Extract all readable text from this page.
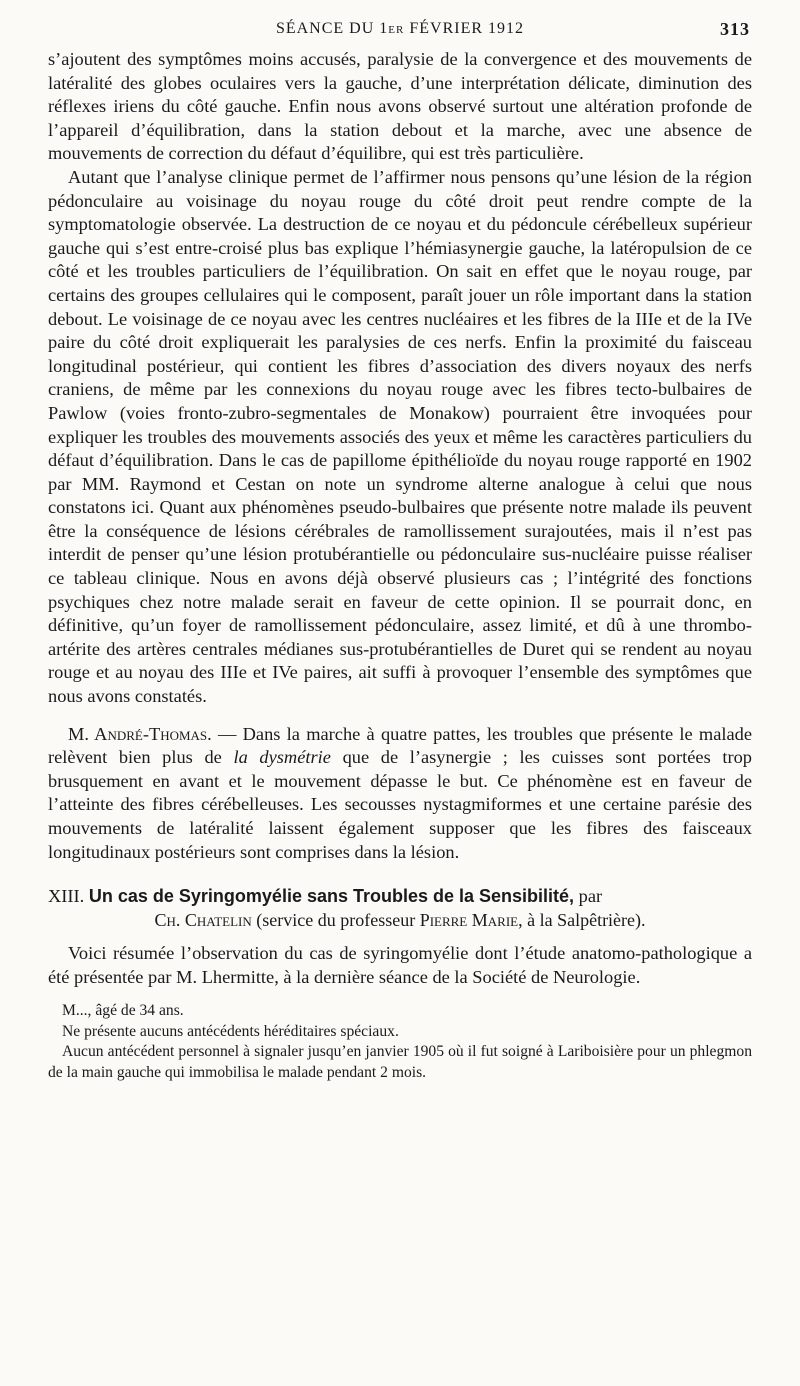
SÉANCE DU 1er FÉVRIER 1912	313

s’ajoutent des symptômes moins accusés, paralysie de la convergence et des mouvements de latéralité des globes oculaires vers la gauche, d’une interprétation délicate, diminution des réflexes iriens du côté gauche. Enfin nous avons observé surtout une altération profonde de l’appareil d’équilibration, dans la station debout et la marche, avec une absence de mouvements de correction du défaut d’équilibre, qui est très particulière.

Autant que l’analyse clinique permet de l’affirmer nous pensons qu’une lésion de la région pédonculaire au voisinage du noyau rouge du côté droit peut rendre compte de la symptomatologie observée. La destruction de ce noyau et du pédoncule cérébelleux supérieur gauche qui s’est entre-croisé plus bas explique l’hémiasynergie gauche, la latéropulsion de ce côté et les troubles particuliers de l’équilibration. On sait en effet que le noyau rouge, par certains des groupes cellulaires qui le composent, paraît jouer un rôle important dans la station debout. Le voisinage de ce noyau avec les centres nucléaires et les fibres de la IIIe et de la IVe paire du côté droit expliquerait les paralysies de ces nerfs. Enfin la proximité du faisceau longitudinal postérieur, qui contient les fibres d’association des divers noyaux des nerfs craniens, de même par les connexions du noyau rouge avec les fibres tecto-bulbaires de Pawlow (voies fronto-zubro-segmentales de Monakow) pourraient être invoquées pour expliquer les troubles des mouvements associés des yeux et même les caractères particuliers du défaut d’équilibration. Dans le cas de papillome épithélioïde du noyau rouge rapporté en 1902 par MM. Raymond et Cestan on note un syndrome alterne analogue à celui que nous constatons ici. Quant aux phénomènes pseudo-bulbaires que présente notre malade ils peuvent être la conséquence de lésions cérébrales de ramollissement surajoutées, mais il n’est pas interdit de penser qu’une lésion protubérantielle ou pédonculaire sus-nucléaire puisse réaliser ce tableau clinique. Nous en avons déjà observé plusieurs cas ; l’intégrité des fonctions psychiques chez notre malade serait en faveur de cette opinion. Il se pourrait donc, en définitive, qu’un foyer de ramollissement pédonculaire, assez limité, et dû à une thrombo-artérite des artères centrales médianes sus-protubérantielles de Duret qui se rendent au noyau rouge et au noyau des IIIe et IVe paires, ait suffi à provoquer l’ensemble des symptômes que nous avons constatés.

M. André-Thomas. — Dans la marche à quatre pattes, les troubles que présente le malade relèvent bien plus de la dysmétrie que de l’asynergie ; les cuisses sont portées trop brusquement en avant et le mouvement dépasse le but. Ce phénomène est en faveur de l’atteinte des fibres cérébelleuses. Les secousses nystagmiformes et une certaine parésie des mouvements de latéralité laissent également supposer que les fibres des faisceaux longitudinaux postérieurs sont comprises dans la lésion.

XIII. Un cas de Syringomyélie sans Troubles de la Sensibilité, par
Ch. Chatelin (service du professeur Pierre Marie, à la Salpêtrière).

Voici résumée l’observation du cas de syringomyélie dont l’étude anatomo-pathologique a été présentée par M. Lhermitte, à la dernière séance de la Société de Neurologie.

M..., âgé de 34 ans.

Ne présente aucuns antécédents héréditaires spéciaux.

Aucun antécédent personnel à signaler jusqu’en janvier 1905 où il fut soigné à Lariboisière pour un phlegmon de la main gauche qui immobilisa le malade pendant 2 mois.
